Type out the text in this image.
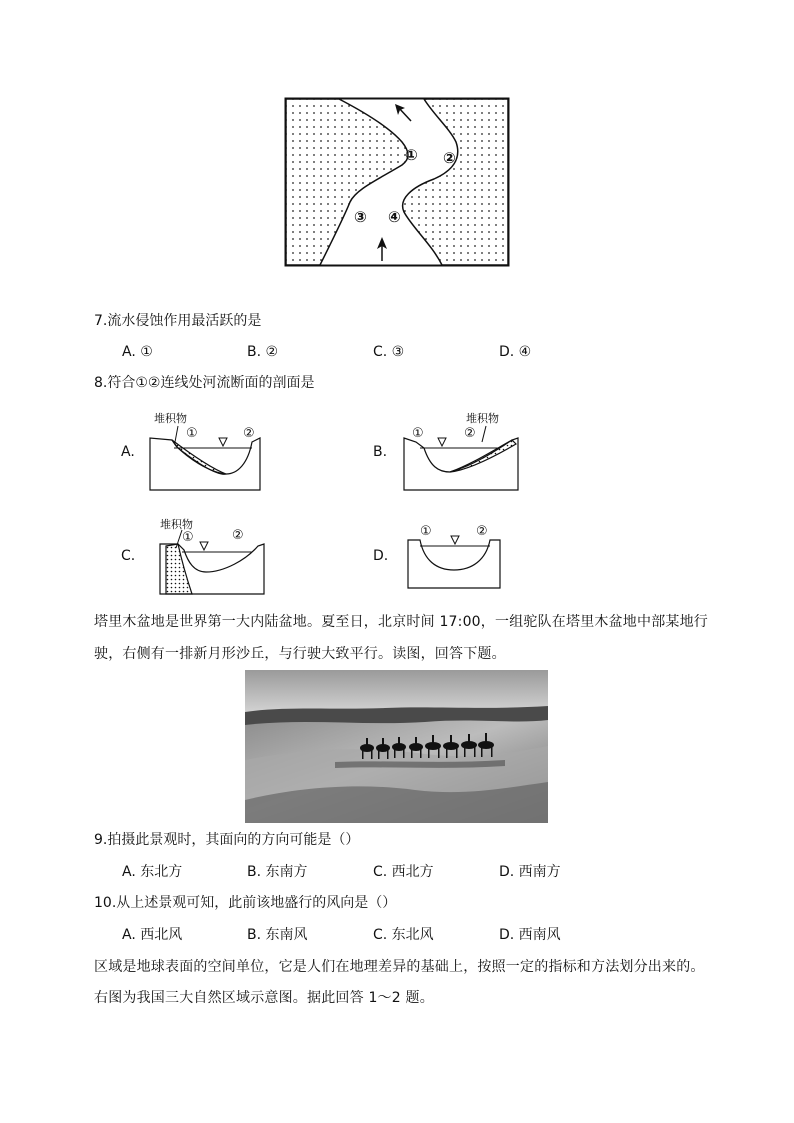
① ②
③ ④
7.流水侵蚀作用最活跃的是
A. ①	B. ②	C. ③	D. ④
8.符合①②连线处河流断面的剖面是
A.
堆积物
①	②
B.
堆积物
①	②
C.
堆积物
①	②
D.
①	②
塔里木盆地是世界第一大内陆盆地。夏至日，北京时间 17:00，一组驼队在塔里木盆地中部某地行
驶，右侧有一排新月形沙丘，与行驶大致平行。读图，回答下题。
9.拍摄此景观时，其面向的方向可能是（）
A. 东北方	B. 东南方	C. 西北方	D. 西南方
10.从上述景观可知，此前该地盛行的风向是（）
A. 西北风	B. 东南风	C. 东北风	D. 西南风
区域是地球表面的空间单位，它是人们在地理差异的基础上，按照一定的指标和方法划分出来的。
右图为我国三大自然区域示意图。据此回答 1～2 题。
